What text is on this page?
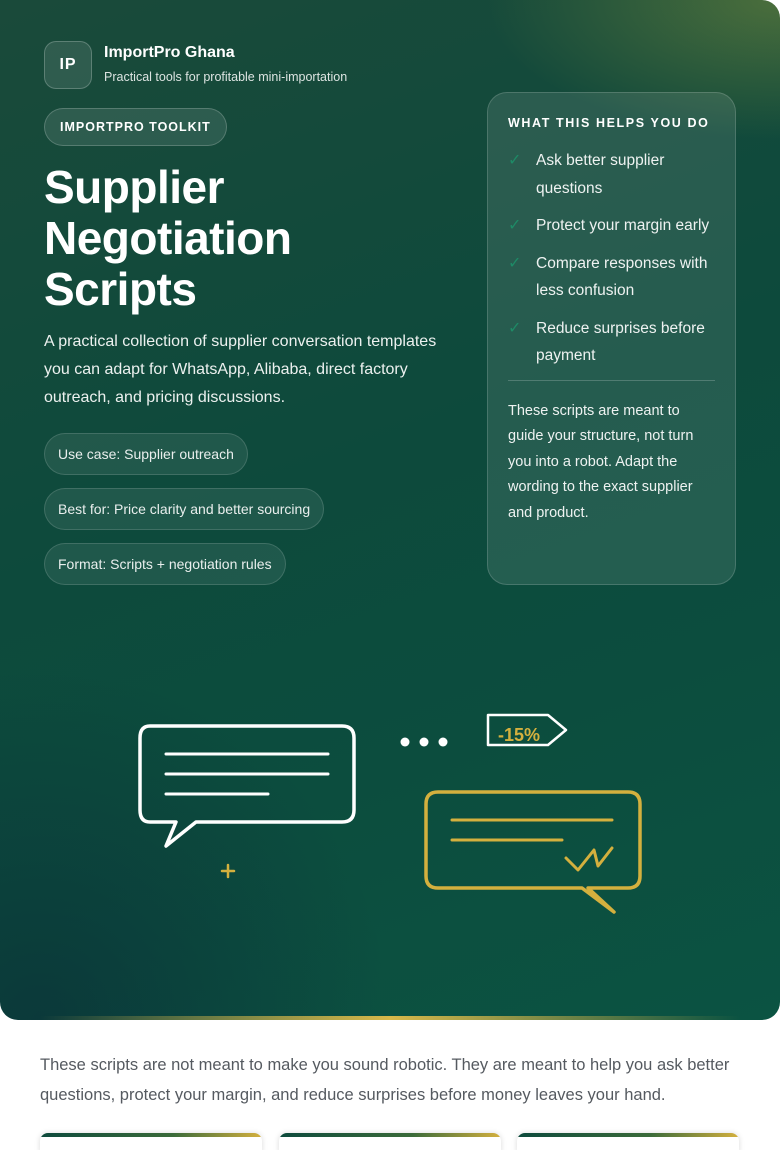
IP
ImportPro Ghana
Practical tools for profitable mini-importation
IMPORTPRO TOOLKIT
Supplier Negotiation Scripts

A practical collection of supplier conversation templates you can adapt for WhatsApp, Alibaba, direct factory outreach, and pricing discussions.

Use case: Supplier outreach
Best for: Price clarity and better sourcing
Format: Scripts + negotiation rules
WHAT THIS HELPS YOU DO
✓ Ask better supplier questions
✓ Protect your margin early
✓ Compare responses with less confusion
✓ Reduce surprises before payment

These scripts are meant to guide your structure, not turn you into a robot. Adapt the wording to the exact supplier and product.

-15%

These scripts are not meant to make you sound robotic. They are meant to help you ask better questions, protect your margin, and reduce surprises before money leaves your hand.
